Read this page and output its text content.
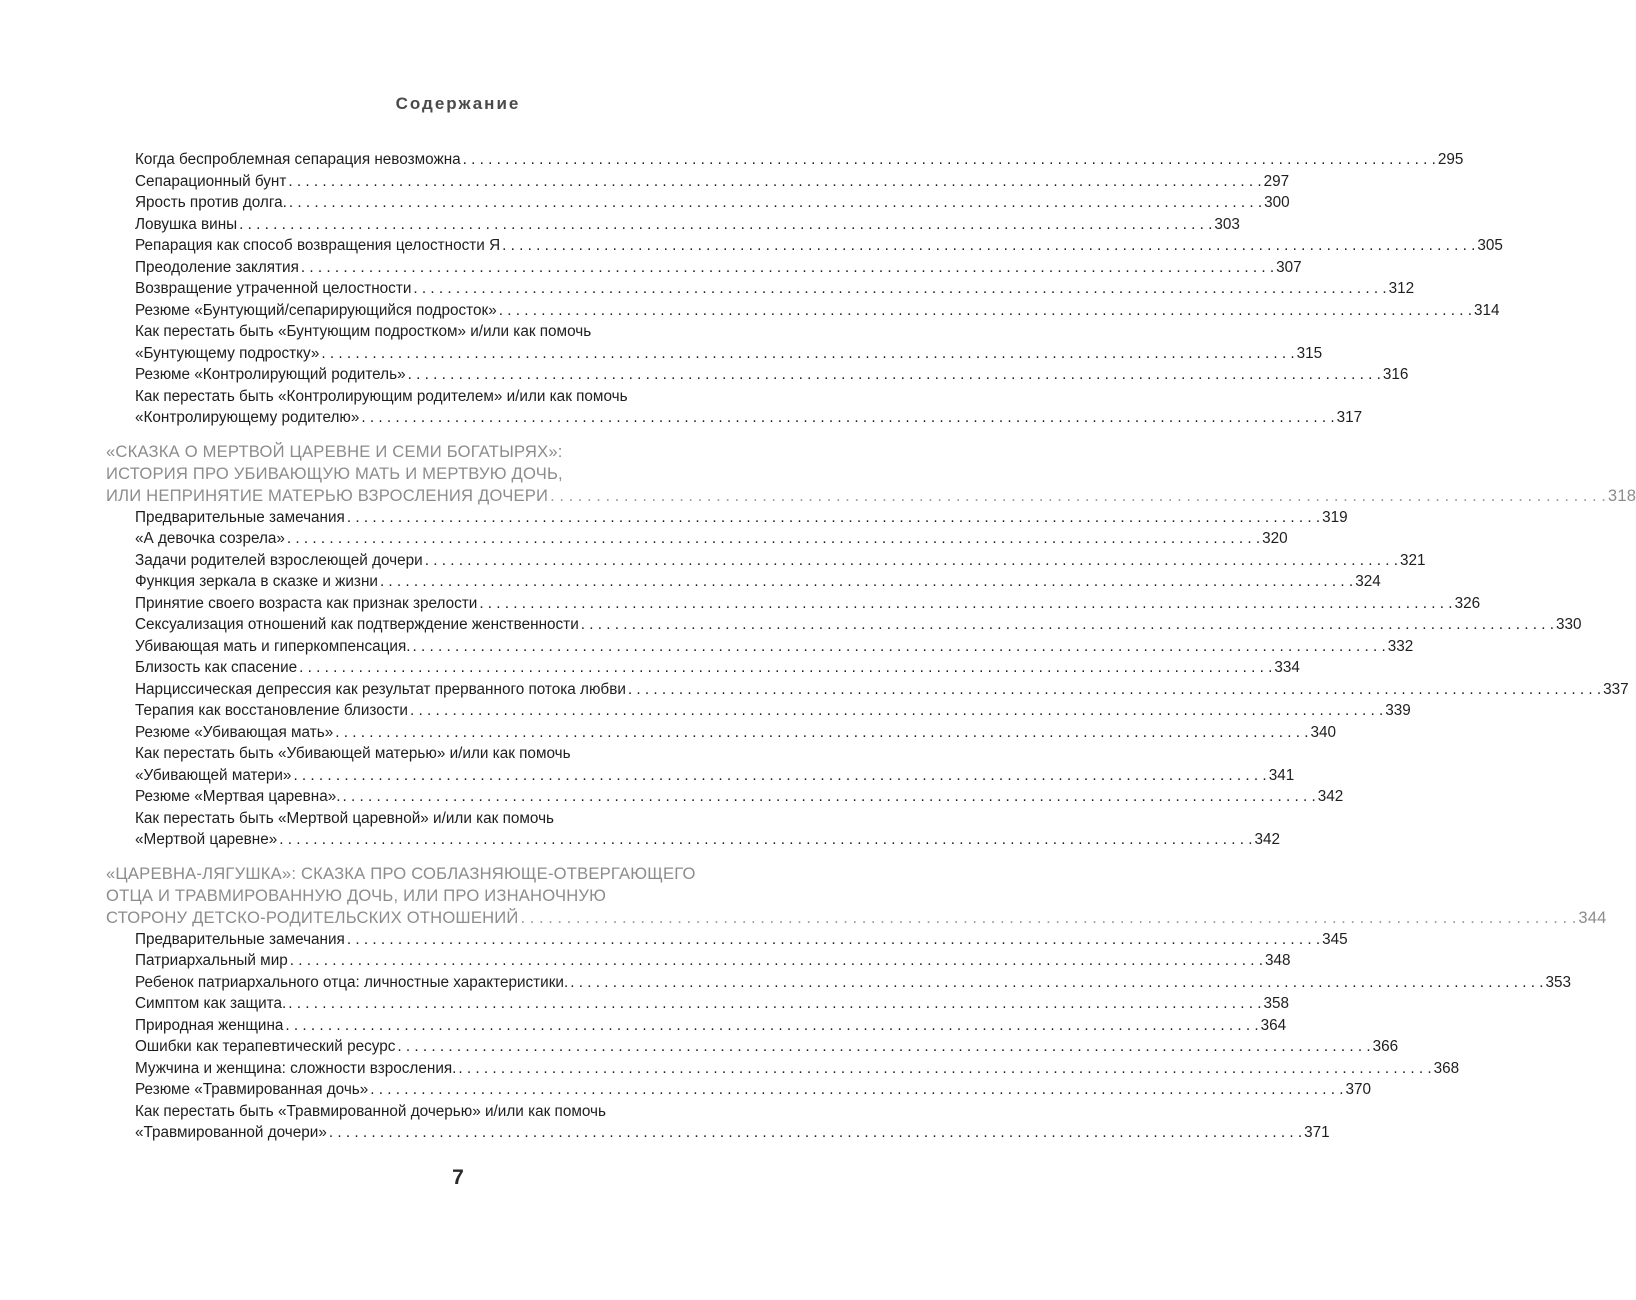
Содержание
Когда беспроблемная сепарация невозможна . . .	295
Сепарационный бунт . . .	297
Ярость против долга. . . .	300
Ловушка вины . . .	303
Репарация как способ возвращения целостности Я . . .	305
Преодоление заклятия . . .	307
Возвращение утраченной целостности . . .	312
Резюме «Бунтующий/сепарирующийся подросток» . . .	314
Как перестать быть «Бунтующим подростком» и/или как помочь
«Бунтующему подростку» . . .	315
Резюме «Контролирующий родитель» . . .	316
Как перестать быть «Контролирующим родителем» и/или как помочь
«Контролирующему родителю» . . .	317
«СКАЗКА О МЕРТВОЙ ЦАРЕВНЕ И СЕМИ БОГАТЫРЯХ»:
ИСТОРИЯ ПРО УБИВАЮЩУЮ МАТЬ И МЕРТВУЮ ДОЧЬ,
ИЛИ НЕПРИНЯТИЕ МАТЕРЬЮ ВЗРОСЛЕНИЯ ДОЧЕРИ . . .	318
Предварительные замечания . . .	319
«А девочка созрела» . . .	320
Задачи родителей взрослеющей дочери . . .	321
Функция зеркала в сказке и жизни . . .	324
Принятие своего возраста как признак зрелости . . .	326
Сексуализация отношений как подтверждение женственности . . .	330
Убивающая мать и гиперкомпенсация. . . .	332
Близость как спасение . . .	334
Нарциссическая депрессия как результат прерванного потока любви . . .	337
Терапия как восстановление близости . . .	339
Резюме «Убивающая мать» . . .	340
Как перестать быть «Убивающей матерью» и/или как помочь
«Убивающей матери» . . .	341
Резюме «Мертвая царевна». . . .	342
Как перестать быть «Мертвой царевной» и/или как помочь
«Мертвой царевне» . . .	342
«ЦАРЕВНА-ЛЯГУШКА»: СКАЗКА ПРО СОБЛАЗНЯЮЩЕ-ОТВЕРГАЮЩЕГО
ОТЦА И ТРАВМИРОВАННУЮ ДОЧЬ, ИЛИ ПРО ИЗНАНОЧНУЮ
СТОРОНУ ДЕТСКО-РОДИТЕЛЬСКИХ ОТНОШЕНИЙ . . .	344
Предварительные замечания . . .	345
Патриархальный мир . . .	348
Ребенок патриархального отца: личностные характеристики. . . .	353
Симптом как защита. . . .	358
Природная женщина . . .	364
Ошибки как терапевтический ресурс . . .	366
Мужчина и женщина: сложности взросления. . . .	368
Резюме «Травмированная дочь» . . .	370
Как перестать быть «Травмированной дочерью» и/или как помочь
«Травмированной дочери» . . .	371
7
